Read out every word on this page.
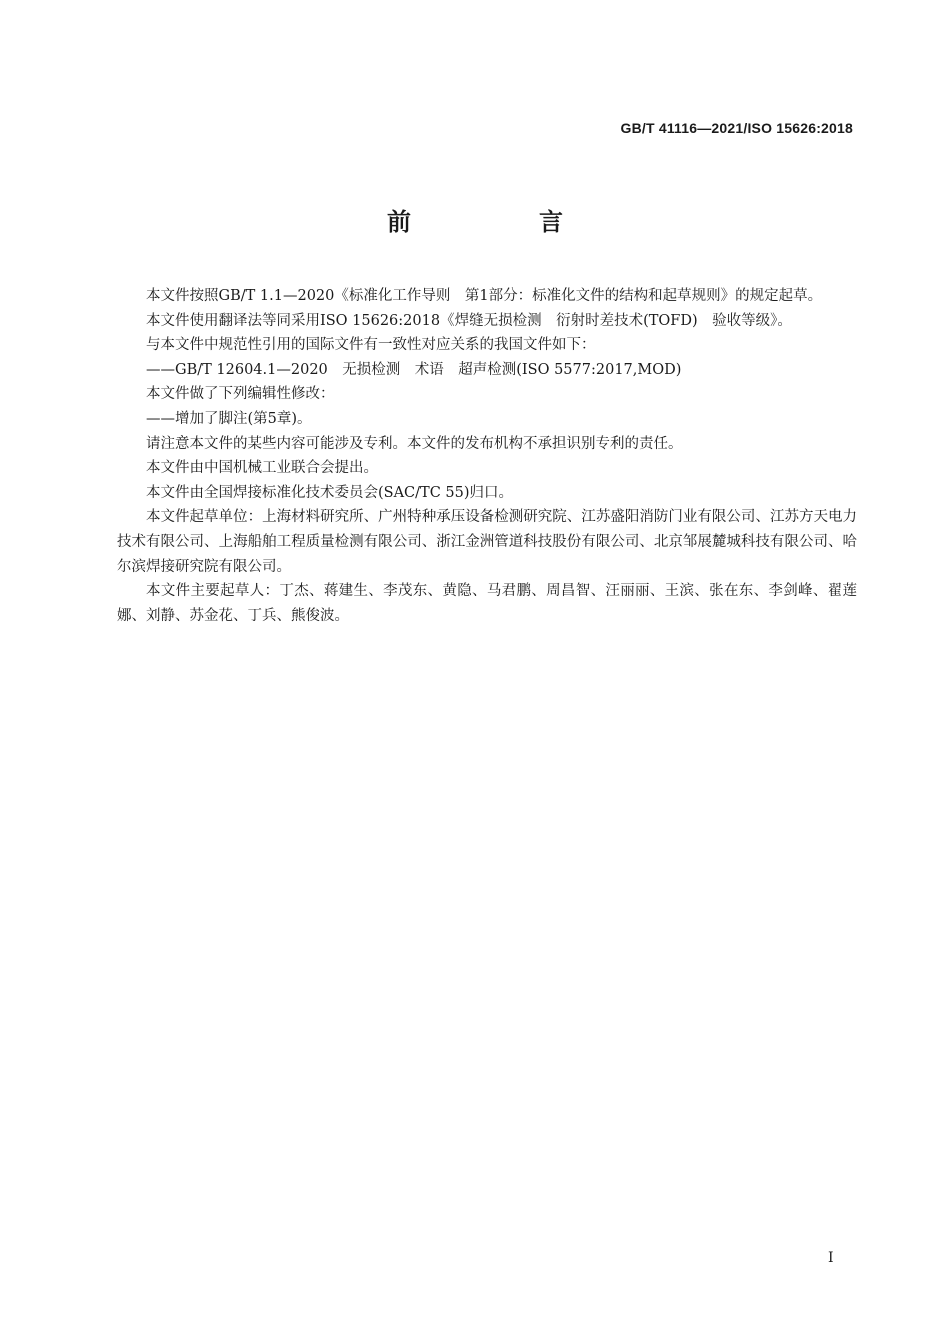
GB/T 41116—2021/ISO 15626:2018
前　言

本文件按照GB/T 1.1—2020《标准化工作导则　第1部分：标准化文件的结构和起草规则》的规定起草。

本文件使用翻译法等同采用ISO 15626:2018《焊缝无损检测　衍射时差技术(TOFD)　验收等级》。

与本文件中规范性引用的国际文件有一致性对应关系的我国文件如下：

——GB/T 12604.1—2020　无损检测　术语　超声检测(ISO 5577:2017,MOD)

本文件做了下列编辑性修改：

——增加了脚注(第5章)。

请注意本文件的某些内容可能涉及专利。本文件的发布机构不承担识别专利的责任。

本文件由中国机械工业联合会提出。

本文件由全国焊接标准化技术委员会(SAC/TC 55)归口。

本文件起草单位：上海材料研究所、广州特种承压设备检测研究院、江苏盛阳消防门业有限公司、江苏方天电力技术有限公司、上海船舶工程质量检测有限公司、浙江金洲管道科技股份有限公司、北京邹展麓城科技有限公司、哈尔滨焊接研究院有限公司。

本文件主要起草人：丁杰、蒋建生、李茂东、黄隐、马君鹏、周昌智、汪丽丽、王滨、张在东、李剑峰、翟莲娜、刘静、苏金花、丁兵、熊俊波。

I
